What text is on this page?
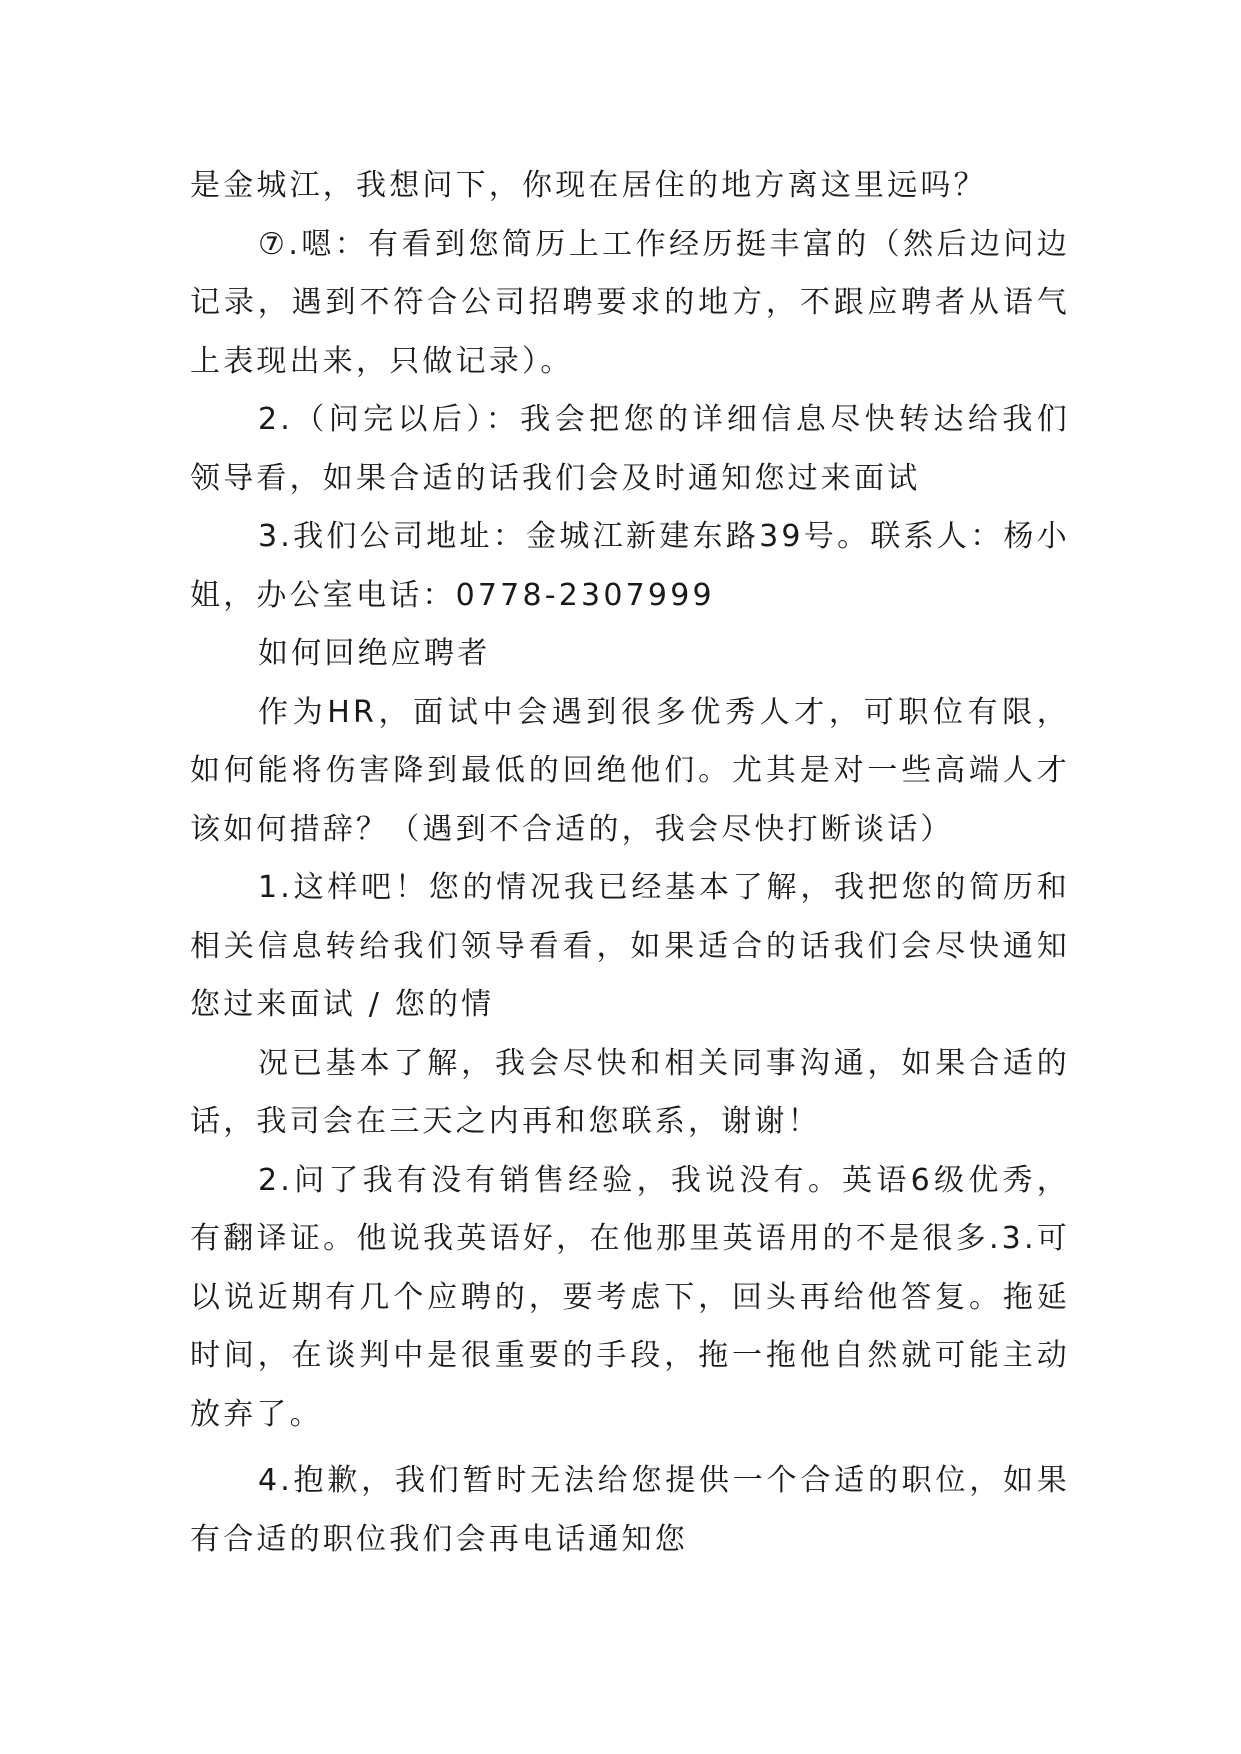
是金城江，我想问下，你现在居住的地方离这里远吗？

⑦.嗯：有看到您简历上工作经历挺丰富的（然后边问边记录，遇到不符合公司招聘要求的地方，不跟应聘者从语气上表现出来，只做记录）。

2.（问完以后）：我会把您的详细信息尽快转达给我们领导看，如果合适的话我们会及时通知您过来面试

3.我们公司地址：金城江新建东路39号。联系人：杨小姐，办公室电话：0778-2307999

如何回绝应聘者

作为HR，面试中会遇到很多优秀人才，可职位有限，如何能将伤害降到最低的回绝他们。尤其是对一些高端人才该如何措辞？（遇到不合适的，我会尽快打断谈话）

1.这样吧！您的情况我已经基本了解，我把您的简历和相关信息转给我们领导看看，如果适合的话我们会尽快通知您过来面试 / 您的情

况已基本了解，我会尽快和相关同事沟通，如果合适的话，我司会在三天之内再和您联系，谢谢！

2.问了我有没有销售经验，我说没有。英语6级优秀，有翻译证。他说我英语好，在他那里英语用的不是很多.3.可以说近期有几个应聘的，要考虑下，回头再给他答复。拖延时间，在谈判中是很重要的手段，拖一拖他自然就可能主动放弃了。

4.抱歉，我们暂时无法给您提供一个合适的职位，如果有合适的职位我们会再电话通知您
